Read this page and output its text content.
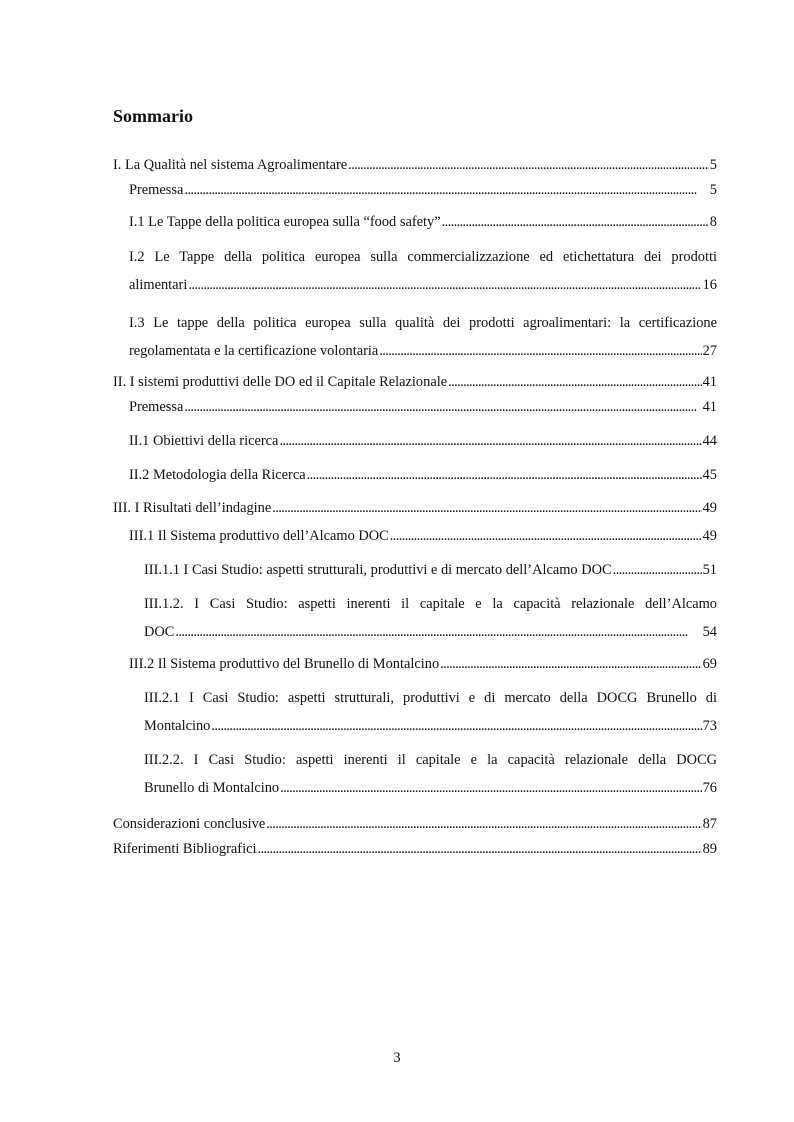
Sommario
I. La Qualità nel sistema Agroalimentare . . .	5
Premessa . . .	5
I.1 Le Tappe della politica europea sulla “food safety” . . .	8
I.2 Le Tappe della politica europea sulla commercializzazione ed etichettatura dei prodotti
alimentari . . .	16
I.3 Le tappe della politica europea sulla qualità dei prodotti agroalimentari: la certificazione
regolamentata e la certificazione volontaria . . .	27
II. I sistemi produttivi delle DO ed il Capitale Relazionale . . .	41
Premessa . . .	41
II.1 Obiettivi della ricerca . . .	44
II.2 Metodologia della Ricerca . . .	45
III. I Risultati dell’indagine . . .	49
III.1 Il Sistema produttivo dell’Alcamo DOC . . .	49
III.1.1 I Casi Studio: aspetti strutturali, produttivi e di mercato dell’Alcamo DOC . . .	51
III.1.2. I Casi Studio: aspetti inerenti il capitale e la capacità relazionale dell’Alcamo
DOC . . .	54
III.2 Il Sistema produttivo del Brunello di Montalcino . . .	69
III.2.1 I Casi Studio: aspetti strutturali, produttivi e di mercato della DOCG Brunello di
Montalcino . . .	73
III.2.2. I Casi Studio: aspetti inerenti il capitale e la capacità relazionale della DOCG
Brunello di Montalcino . . .	76
Considerazioni conclusive . . .	87
Riferimenti Bibliografici . . .	89
3
